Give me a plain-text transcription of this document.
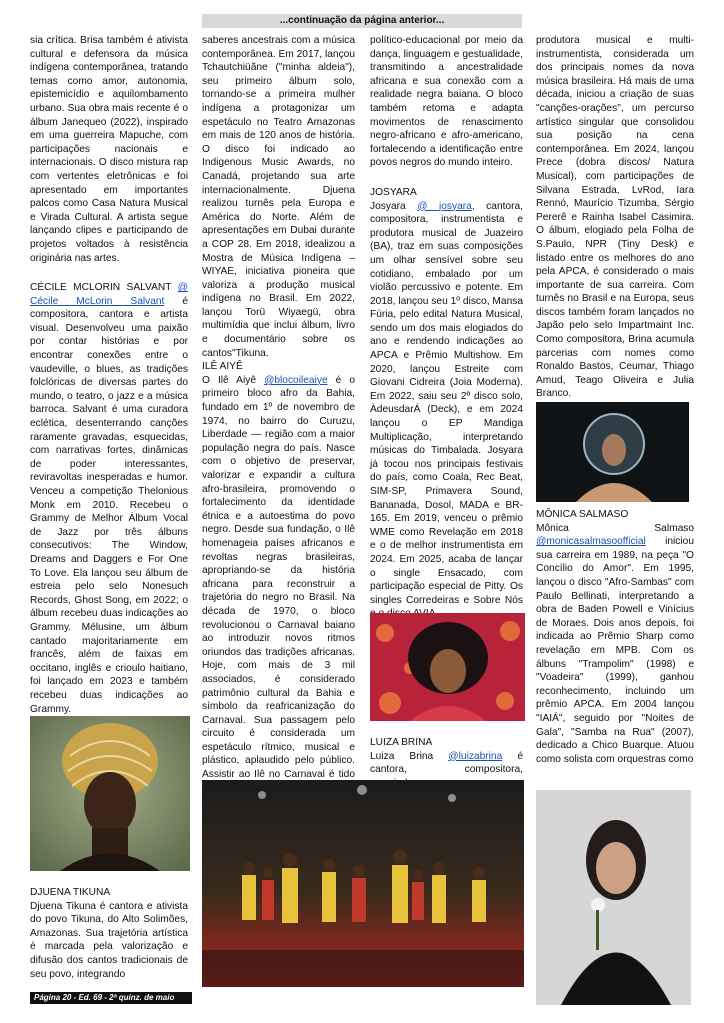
...continuação da página anterior...

sia crítica. Brisa também é ativista cultural e defensora da música indígena contemporânea, tratando temas como amor, autonomia, epistemicídio e aquilombamento urbano. Sua obra mais recente é o álbum Janequeo (2022), inspirado em uma guerreira Mapuche, com participações nacionais e internacionais. O disco mistura rap com vertentes eletrônicas e foi apresentado em importantes palcos como Casa Natura Musical e Virada Cultural. A artista segue lançando clipes e participando de projetos voltados à resistência originária nas artes.

CÉCILE MCLORIN SALVANT @ Cécile McLorin Salvant é compositora, cantora e artista visual. Desenvolveu uma paixão por contar histórias e por encontrar conexões entre o vaudeville, o blues, as tradições folclóricas de diversas partes do mundo, o teatro, o jazz e a música barroca. Salvant é uma curadora eclética, desenterrando canções raramente gravadas, esquecidas, com narrativas fortes, dinâmicas de poder interessantes, reviravoltas inesperadas e humor. Venceu a competição Thelonious Monk em 2010. Recebeu o Grammy de Melhor Álbum Vocal de Jazz por três álbuns consecutivos: The Window, Dreams and Daggers e For One To Love. Ela lançou seu álbum de estreia pelo selo Nonesuch Records, Ghost Song, em 2022; o álbum recebeu duas indicações ao Grammy. Mélusine, um álbum cantado majoritariamente em francês, além de faixas em occitano, inglês e crioulo haitiano, foi lançado em 2023 e também recebeu duas indicações ao Grammy.

DJUENA TIKUNA

Djuena Tikuna é cantora e ativista do povo Tikuna, do Alto Solimões, Amazonas. Sua trajetória artística é marcada pela valorização e difusão dos cantos tradicionais de seu povo, integrando

saberes ancestrais com a música contemporânea. Em 2017, lançou Tchautchiüãne ("minha aldeia"), seu primeiro álbum solo, tornando-se a primeira mulher indígena a protagonizar um espetáculo no Teatro Amazonas em mais de 120 anos de história. O disco foi indicado ao Indigenous Music Awards, no Canadá, projetando sua arte internacionalmente. Djuena realizou turnês pela Europa e América do Norte. Além de apresentações em Dubai durante a COP 28. Em 2018, idealizou a Mostra de Música Indígena – WIYAE, iniciativa pioneira que valoriza a produção musical indígena no Brasil. Em 2022, lançou Torü Wiyaegü, obra multimídia que inclui álbum, livro e documentário sobre os cantos"Tikuna.

ILÊ AIYÊ

O Ilê Aiyê @blocoileaiye é o primeiro bloco afro da Bahia, fundado em 1º de novembro de 1974, no bairro do Curuzu, Liberdade — região com a maior população negra do país. Nasce com o objetivo de preservar, valorizar e expandir a cultura afro-brasileira, promovendo o fortalecimento da identidade étnica e a autoestima do povo negro. Desde sua fundação, o Ilê homenageia países africanos e revoltas negras brasileiras, apropriando-se da história africana para reconstruir a trajetória do negro no Brasil. Na década de 1970, o bloco revolucionou o Carnaval baiano ao introduzir novos ritmos oriundos das tradições africanas. Hoje, com mais de 3 mil associados, é considerado patrimônio cultural da Bahia e símbolo da reafricanização do Carnaval. Sua passagem pelo circuito é considerada um espetáculo rítmico, musical e plástico, aplaudido pelo público. Assistir ao Ilê no Carnaval é tido

político-educacional por meio da dança, linguagem e gestualidade, transmitindo a ancestralidade africana e sua conexão com a realidade negra baiana. O bloco também retoma e adapta movimentos de renascimento negro-africano e afro-americano, fortalecendo a identificação entre povos negros do mundo inteiro.

JOSYARA

Josyara @ josyara, cantora, compositora, instrumentista e produtora musical de Juazeiro (BA), traz em suas composições um olhar sensível sobre seu cotidiano, embalado por um violão percussivo e potente. Em 2018, lançou seu 1º disco, Mansa Fúria, pelo edital Natura Musical, sendo um dos mais elogiados do ano e rendendo indicações ao APCA e Prêmio Multishow. Em 2020, lançou Estreite com Giovani Cidreira (Joia Moderna). Em 2022, saiu seu 2º disco solo, ÀdeusdarÁ (Deck), e em 2024 lançou o EP Mandiga Multiplicação, interpretando músicas do Timbalada. Josyara já tocou nos principais festivais do país, como Coala, Rec Beat, SIM-SP, Primavera Sound, Bananada, Dosol, MADA e BR-165. Em 2019, venceu o prêmio WME como Revelação em 2018 e o de melhor instrumentista em 2024. Em 2025, acaba de lançar o single Ensacado, com participação especial de Pitty. Os singles Corredeiras e Sobre Nós

LUIZA BRINA

Luiza Brina @luizabrina é cantora, compositora,

produtora musical e multi-instrumentista, considerada um dos principais nomes da nova música brasileira. Há mais de uma década, iniciou a criação de suas "canções-orações", um percurso artístico singular que consolidou sua posição na cena contemporânea. Em 2024, lançou Prece (dobra discos/ Natura Musical), com participações de Silvana Estrada, LvRod, Iara Rennó, Maurício Tizumba, Sérgio Pererê e Rainha Isabel Casimira. O álbum, elogiado pela Folha de S.Paulo, NPR (Tiny Desk) e listado entre os melhores do ano pela APCA, é considerado o mais importante de sua carreira. Com turnês no Brasil e na Europa, seus discos também foram lançados no Japão pelo selo Impartmaint Inc. Como compositora, Brina acumula parcerias com nomes como Ronaldo Bastos, Ceumar, Thiago Amud, Teago Oliveira e Julia Branco.

MÔNICA SALMASO

Mônica Salmaso @monicasalmasoofficial iniciou sua carreira em 1989, na peça "O Concílio do Amor". Em 1995, lançou o disco "Afro-Sambas" com Paulo Bellinati, interpretando a obra de Baden Powell e Vinícius de Moraes. Dois anos depois, foi indicada ao Prêmio Sharp como revelação em MPB. Com os álbuns "Trampolim" (1998) e "Voadeira" (1999), ganhou reconhecimento, incluindo um prêmio APCA. Em 2004 lançou "IAIÁ", seguido por "Noites de Gala", "Samba na Rua" (2007), dedicado a Chico Buarque. Atuou como solista com orquestras como

Página 20 - Ed. 69 - 2ª quinz. de maio 2025
